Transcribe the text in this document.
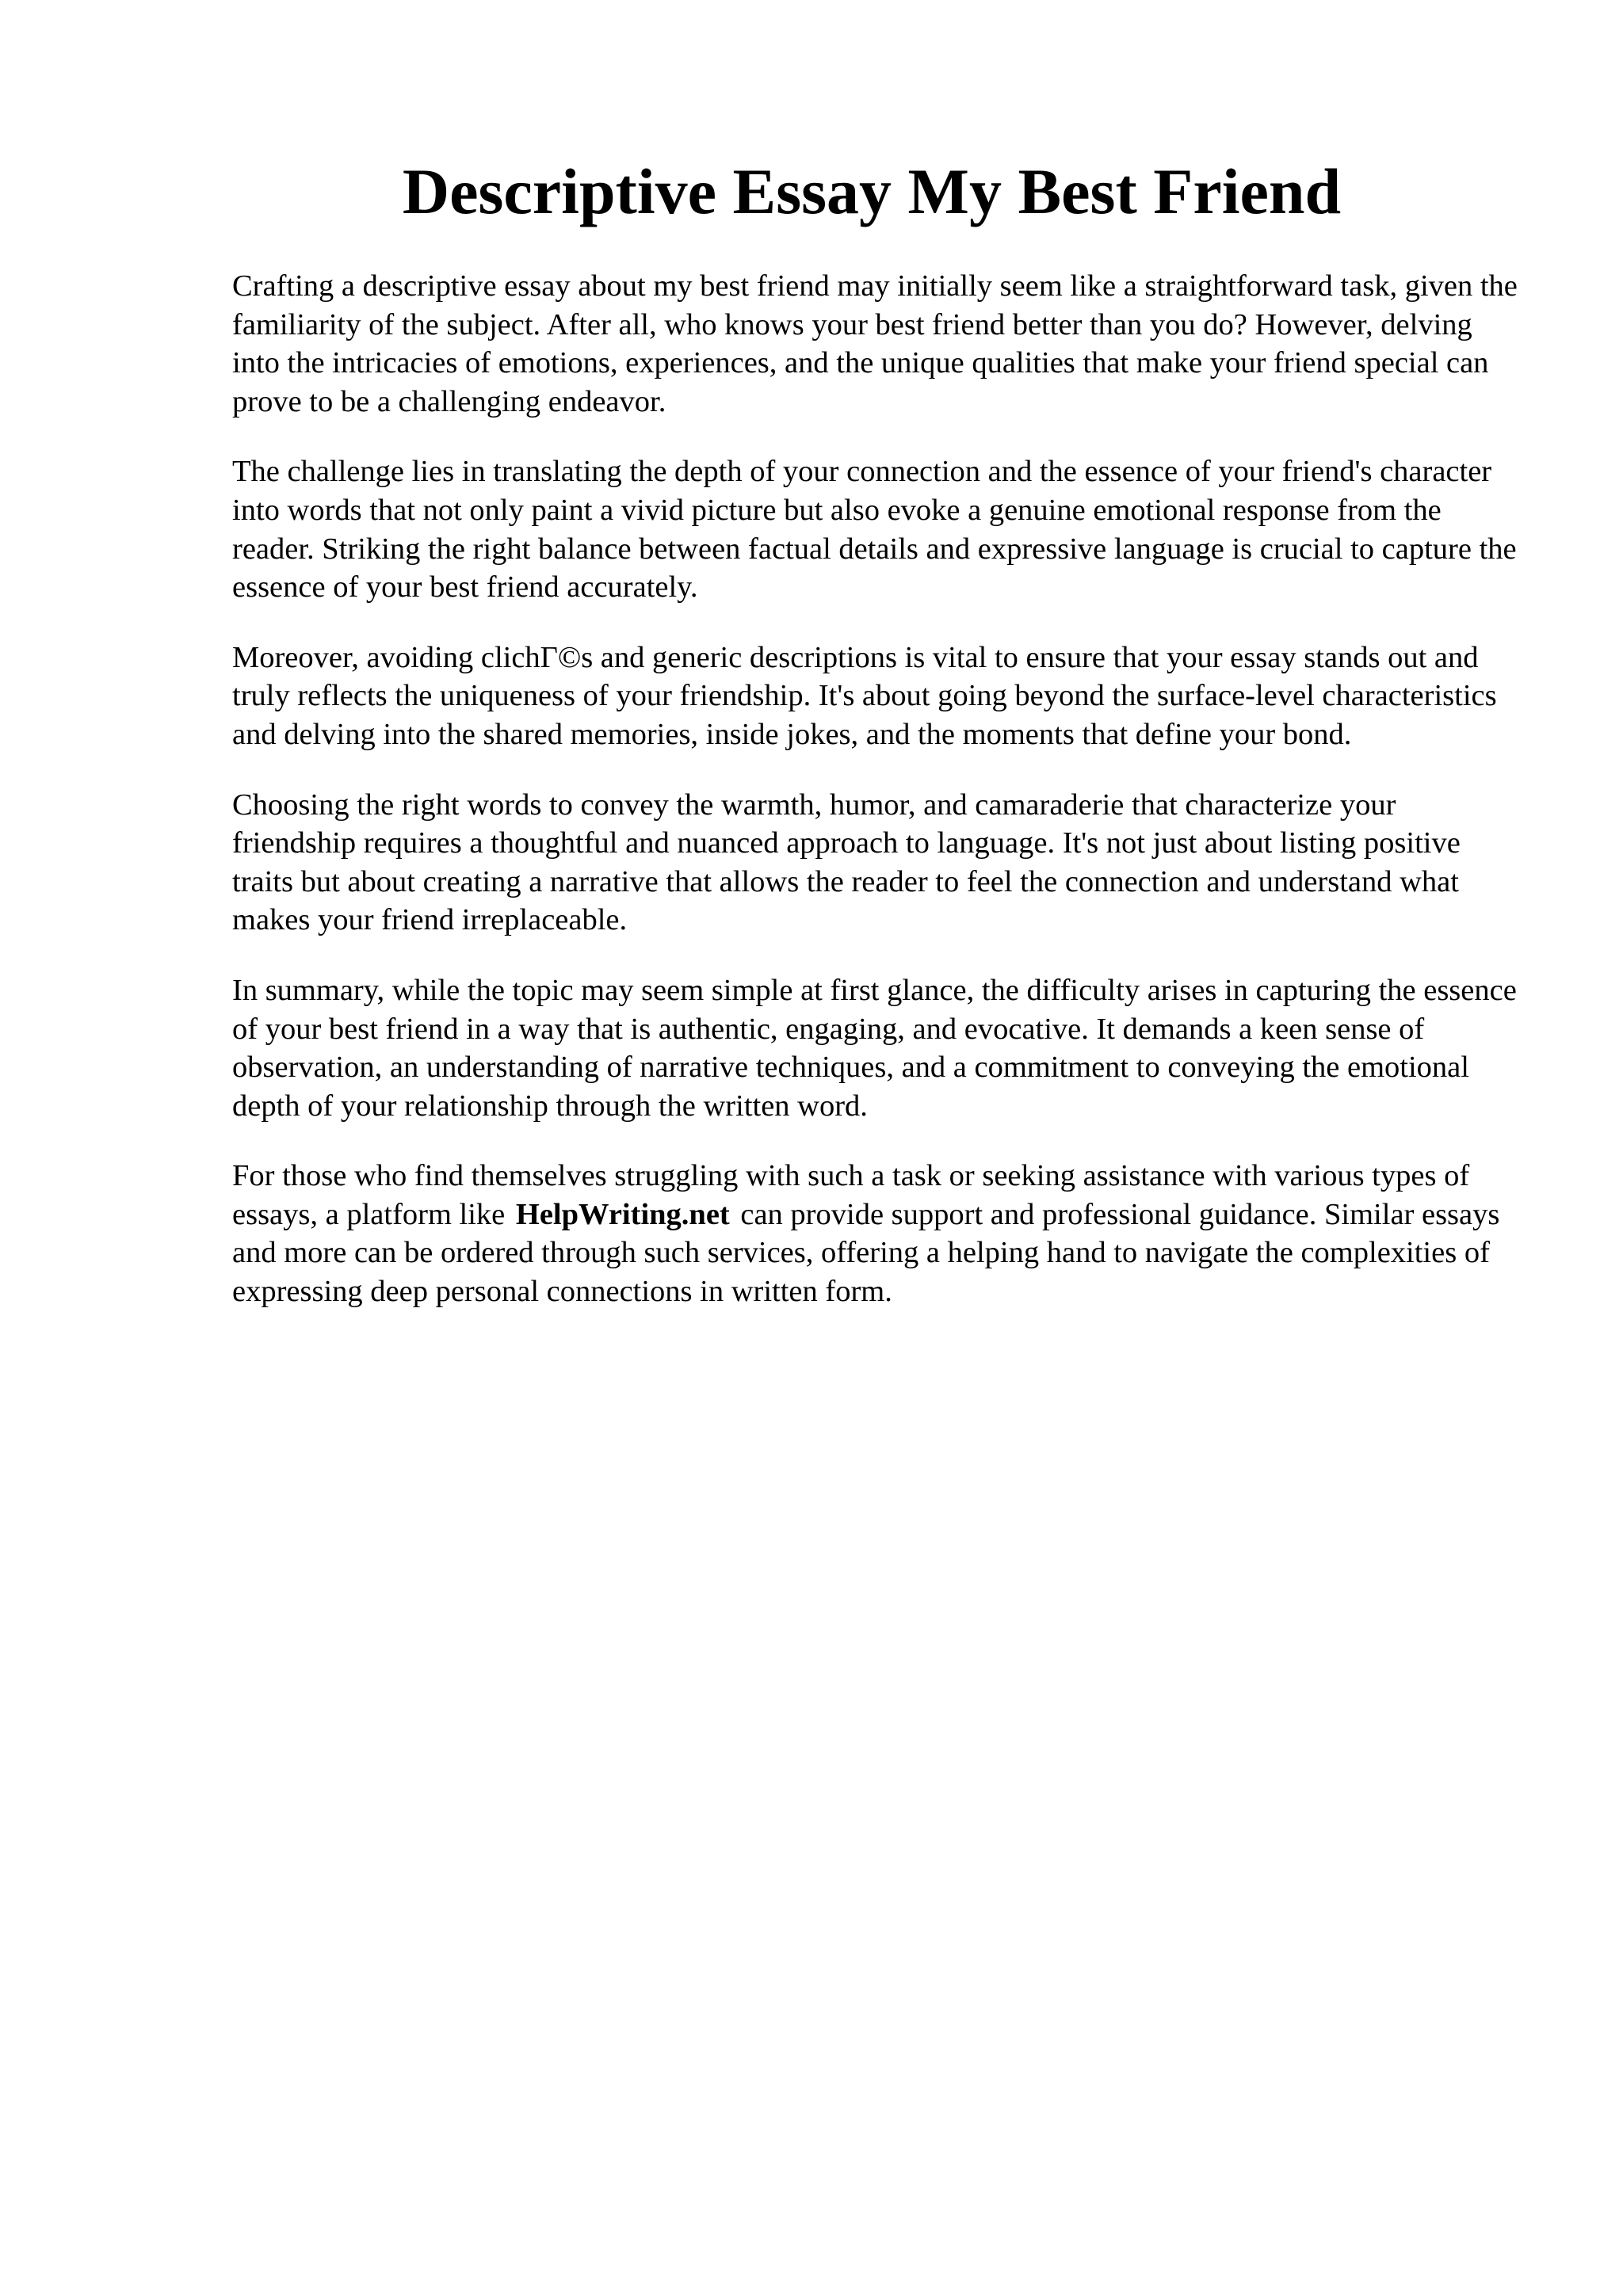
Descriptive Essay My Best Friend

Crafting a descriptive essay about my best friend may initially seem like a straightforward task, given the familiarity of the subject. After all, who knows your best friend better than you do? However, delving into the intricacies of emotions, experiences, and the unique qualities that make your friend special can prove to be a challenging endeavor.

The challenge lies in translating the depth of your connection and the essence of your friend's character into words that not only paint a vivid picture but also evoke a genuine emotional response from the reader. Striking the right balance between factual details and expressive language is crucial to capture the essence of your best friend accurately.

Moreover, avoiding clichГ©s and generic descriptions is vital to ensure that your essay stands out and truly reflects the uniqueness of your friendship. It's about going beyond the surface-level characteristics and delving into the shared memories, inside jokes, and the moments that define your bond.

Choosing the right words to convey the warmth, humor, and camaraderie that characterize your friendship requires a thoughtful and nuanced approach to language. It's not just about listing positive traits but about creating a narrative that allows the reader to feel the connection and understand what makes your friend irreplaceable.

In summary, while the topic may seem simple at first glance, the difficulty arises in capturing the essence of your best friend in a way that is authentic, engaging, and evocative. It demands a keen sense of observation, an understanding of narrative techniques, and a commitment to conveying the emotional depth of your relationship through the written word.

For those who find themselves struggling with such a task or seeking assistance with various types of essays, a platform like HelpWriting.net can provide support and professional guidance. Similar essays and more can be ordered through such services, offering a helping hand to navigate the complexities of expressing deep personal connections in written form.
